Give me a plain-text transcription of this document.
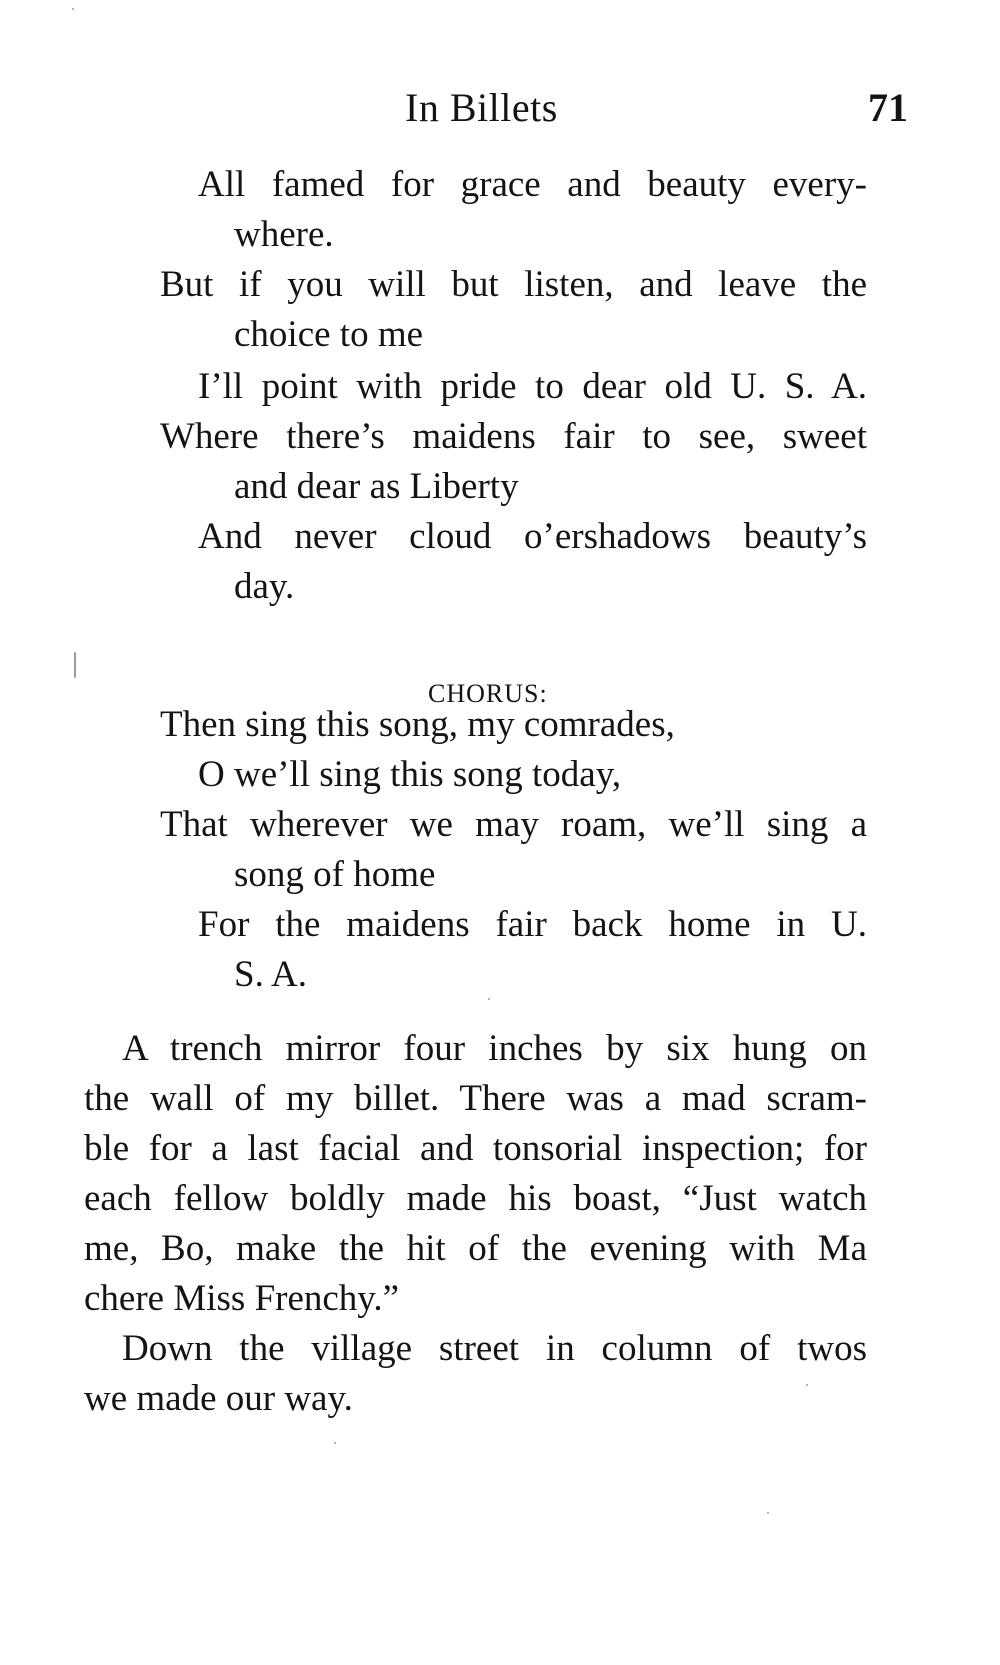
In Billets	71
All famed for grace and beauty every-
where.
But if you will but listen, and leave the
choice to me
I’ll point with pride to dear old U. S. A.
Where there’s maidens fair to see, sweet
and dear as Liberty
And never cloud o’ershadows beauty’s
day.
CHORUS:
Then sing this song, my comrades,
O we’ll sing this song today,
That wherever we may roam, we’ll sing a
song of home
For the maidens fair back home in U.
S. A.
A trench mirror four inches by six hung on
the wall of my billet. There was a mad scram-
ble for a last facial and tonsorial inspection; for
each fellow boldly made his boast, “Just watch
me, Bo, make the hit of the evening with Ma
chere Miss Frenchy.”
Down the village street in column of twos
we made our way.
